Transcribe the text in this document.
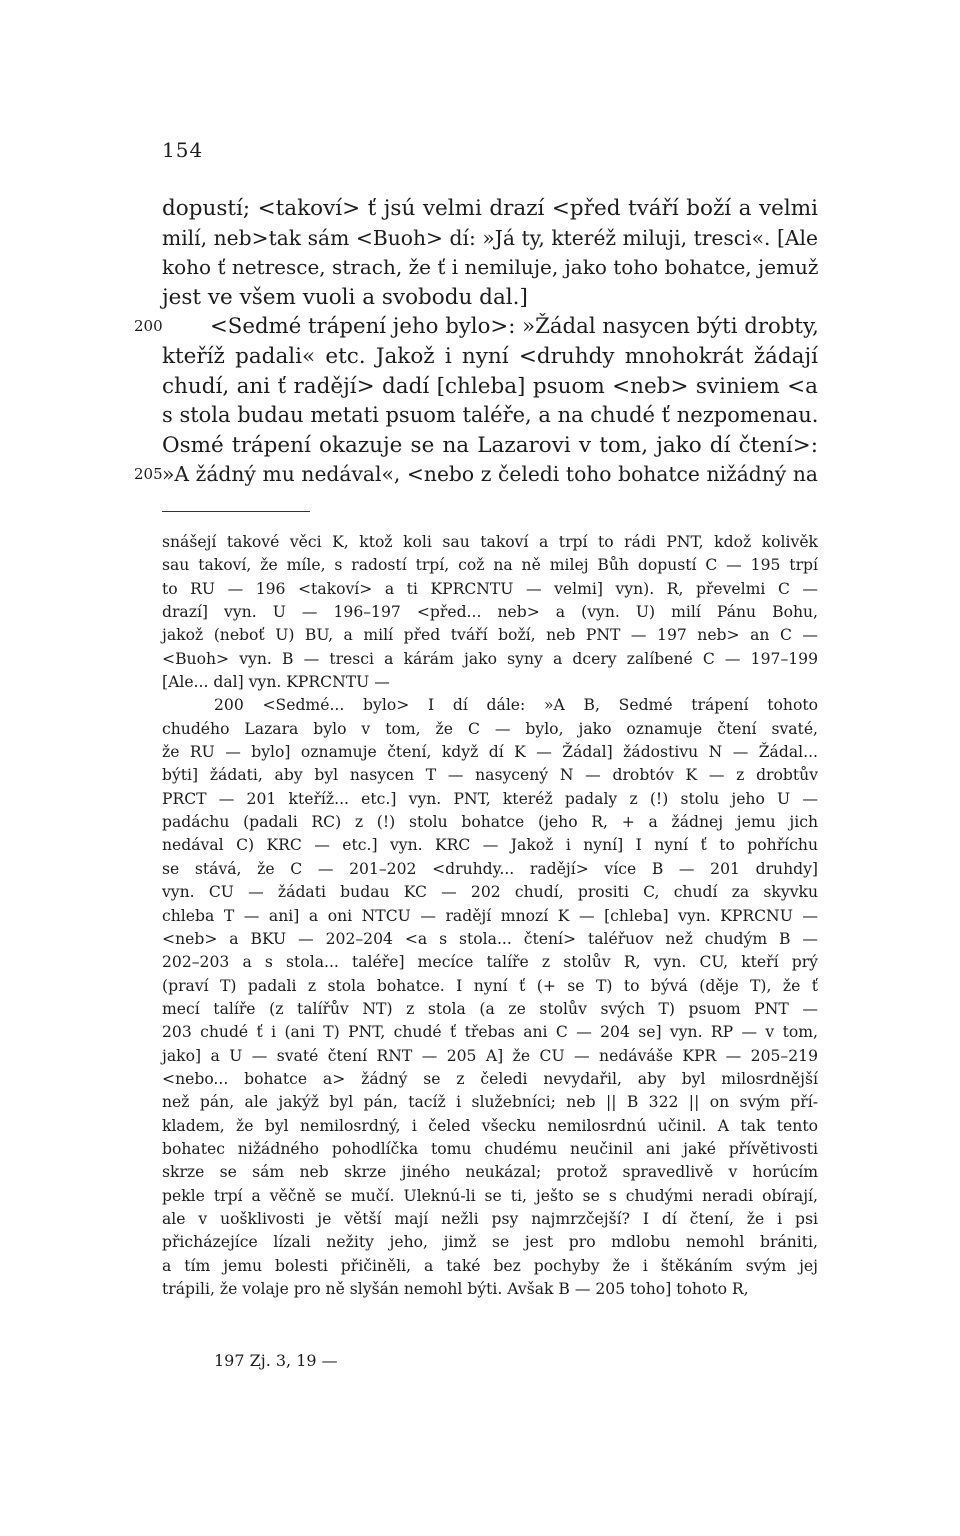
154
dopustí; <takoví> ť jsú velmi drazí <před tváří boží a velmi
milí, neb>tak sám <Buoh> dí: »Já ty, kteréž miluji, tresci«. [Ale
koho ť netresce, strach, že ť i nemiluje, jako toho bohatce, jemuž
jest ve všem vuoli a svobodu dal.]
200 <Sedmé trápení jeho bylo>: »Žádal nasycen býti drobty,
kteříž padali« etc. Jakož i nyní <druhdy mnohokrát žádají
chudí, ani ť radějí> dadí [chleba] psuom <neb> sviniem <a
s stola budau metati psuom taléře, a na chudé ť nezpomenau.
Osmé trápení okazuje se na Lazarovi v tom, jako dí čtení>:
205 »A žádný mu nedával«, <nebo z čeledi toho bohatce nižádný na
snášejí takové věci K, ktož koli sau takoví a trpí to rádi PNT, kdož kolivěk
sau takoví, že míle, s radostí trpí, což na ně milej Bůh dopustí C — 195 trpí
to RU — 196 <takoví> a ti KPRCNTU — velmi] vyn). R, převelmi C —
drazí] vyn. U — 196–197 <před... neb> a (vyn. U) milí Pánu Bohu,
jakož (neboť U) BU, a milí před tváří boží, neb PNT — 197 neb> an C —
<Buoh> vyn. B — tresci a kárám jako syny a dcery zalíbené C — 197–199
[Ale... dal] vyn. KPRCNTU —
200 <Sedmé... bylo> I dí dále: »A B, Sedmé trápení tohoto
chudého Lazara bylo v tom, že C — bylo, jako oznamuje čtení svaté,
že RU — bylo] oznamuje čtení, když dí K — Žádal] žádostivu N — Žádal...
býti] žádati, aby byl nasycen T — nasycený N — drobtóv K — z drobtův
PRCT — 201 kteříž... etc.] vyn. PNT, kteréž padaly z (!) stolu jeho U —
padáchu (padali RC) z (!) stolu bohatce (jeho R, + a žádnej jemu jich
nedával C) KRC — etc.] vyn. KRC — Jakož i nyní] I nyní ť to pohříchu
se stává, že C — 201–202 <druhdy... radějí> více B — 201 druhdy]
vyn. CU — žádati budau KC — 202 chudí, prositi C, chudí za skyvku
chleba T — ani] a oni NTCU — radějí mnozí K — [chleba] vyn. KPRCNU —
<neb> a BKU — 202–204 <a s stola... čtení> taléřuov než chudým B —
202–203 a s stola... taléře] mecíce talíře z stolův R, vyn. CU, kteří prý
(praví T) padali z stola bohatce. I nyní ť (+ se T) to bývá (děje T), že ť
mecí talíře (z talířův NT) z stola (a ze stolův svých T) psuom PNT —
203 chudé ť i (ani T) PNT, chudé ť třebas ani C — 204 se] vyn. RP — v tom,
jako] a U — svaté čtení RNT — 205 A] že CU — nedáváše KPR — 205–219
<nebo... bohatce a> žádný se z čeledi nevydařil, aby byl milosrdnější
než pán, ale jakýž byl pán, tacíž i služebníci; neb || B 322 || on svým pří-
kladem, že byl nemilosrdný, i čeled všecku nemilosrdnú učinil. A tak tento
bohatec nižádného pohodlíčka tomu chudému neučinil ani jaké přívětivosti
skrze se sám neb skrze jiného neukázal; protož spravedlivě v horúcím
pekle trpí a věčně se mučí. Uleknú-li se ti, ješto se s chudými neradi obírají,
ale v uošklivosti je větší mají nežli psy najmrzčejší? I dí čtení, že i psi
přicházejíce lízali nežity jeho, jimž se jest pro mdlobu nemohl brániti,
a tím jemu bolesti přičiněli, a také bez pochyby že i štěkáním svým jej
trápili, že volaje pro ně slyšán nemohl býti. Avšak B — 205 toho] tohoto R,
197 Zj. 3, 19 —
